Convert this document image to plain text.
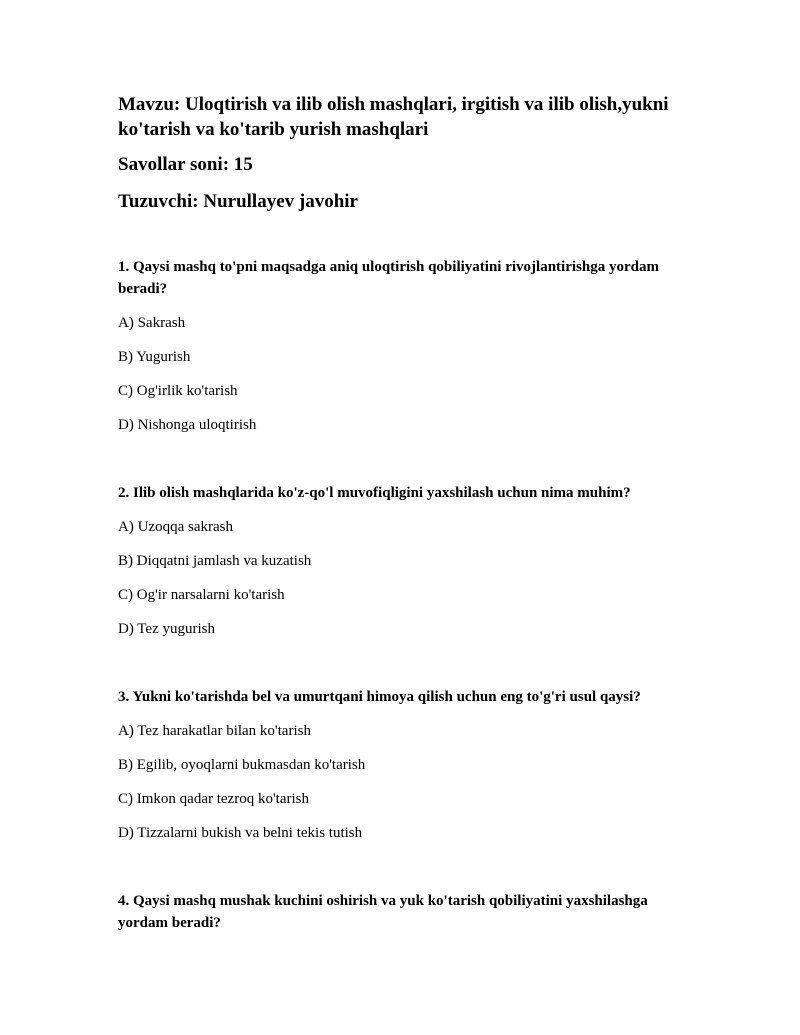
Mavzu: Uloqtirish va ilib olish mashqlari, irgitish va ilib olish,yukni ko'tarish va ko'tarib yurish mashqlari

Savollar soni: 15

Tuzuvchi: Nurullayev javohir

1. Qaysi mashq to'pni maqsadga aniq uloqtirish qobiliyatini rivojlantirishga yordam beradi?

A) Sakrash
B) Yugurish
C) Og'irlik ko'tarish
D) Nishonga uloqtirish

2. Ilib olish mashqlarida ko'z-qo'l muvofiqligini yaxshilash uchun nima muhim?

A) Uzoqqa sakrash
B) Diqqatni jamlash va kuzatish
C) Og'ir narsalarni ko'tarish
D) Tez yugurish

3. Yukni ko'tarishda bel va umurtqani himoya qilish uchun eng to'g'ri usul qaysi?

A) Tez harakatlar bilan ko'tarish
B) Egilib, oyoqlarni bukmasdan ko'tarish
C) Imkon qadar tezroq ko'tarish
D) Tizzalarni bukish va belni tekis tutish

4. Qaysi mashq mushak kuchini oshirish va yuk ko'tarish qobiliyatini yaxshilashga yordam beradi?
